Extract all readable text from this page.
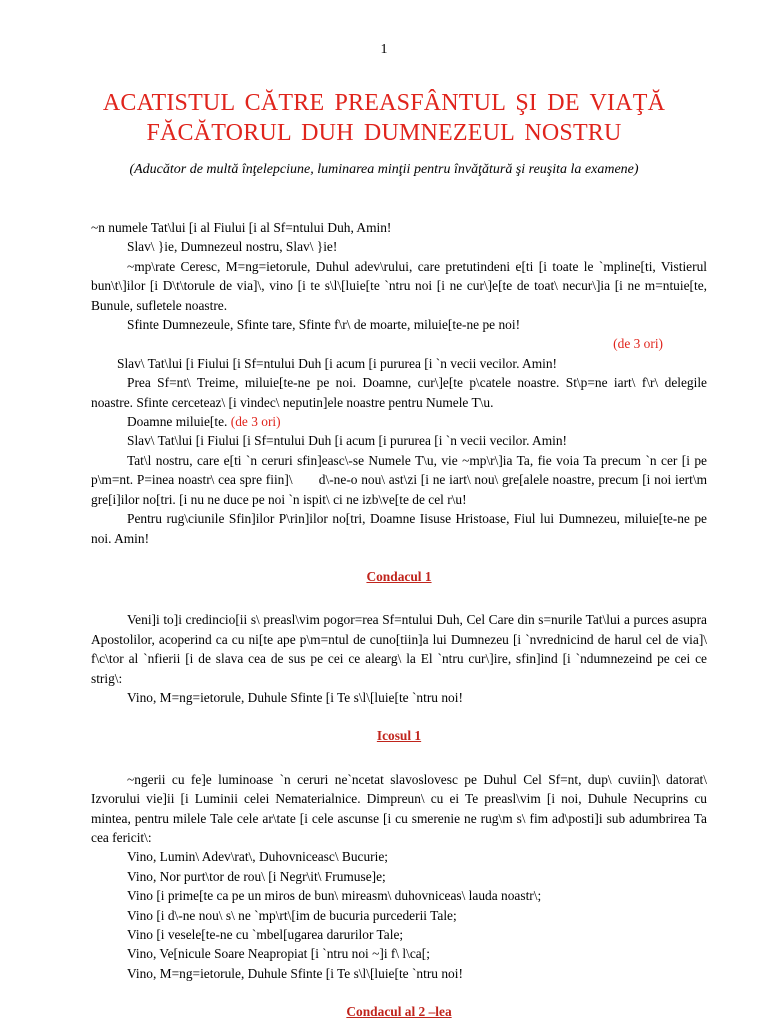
1
ACATISTUL CĂTRE PREASFÂNTUL ŞI DE VIAŢĂ FĂCĂTORUL DUH DUMNEZEUL NOSTRU
(Aducător de multă înţelepciune, luminarea minţii pentru învăţătură şi reuşita la examene)

~n numele Tat\lui [i al Fiului [i al Sf=ntului Duh, Amin!

Slav\ }ie, Dumnezeul nostru, Slav\ }ie!

~mp\rate Ceresc, M=ng=ietorule, Duhul adev\rului, care pretutindeni e[ti [i toate le `mpline[ti, Vistierul bun\t\]ilor [i D\t\torule de via]\, vino [i te s\l\[luie[te `ntru noi [i ne cur\]e[te de toat\ necur\]ia [i ne m=ntuie[te, Bunule, sufletele noastre.

Sfinte Dumnezeule, Sfinte tare, Sfinte f\r\ de moarte, miluie[te-ne pe noi!

(de 3 ori)

Slav\ Tat\lui [i Fiului [i Sf=ntului Duh [i acum [i pururea [i `n vecii vecilor. Amin!

Prea Sf=nt\ Treime, miluie[te-ne pe noi. Doamne, cur\]e[te p\catele noastre. St\p=ne iart\ f\r\ delegile noastre. Sfinte cerceteaz\ [i vindec\ neputin]ele noastre pentru Numele T\u.

Doamne miluie[te. (de 3 ori)

Slav\ Tat\lui [i Fiului [i Sf=ntului Duh [i acum [i pururea [i `n vecii vecilor. Amin!

Tat\l nostru, care e[ti `n ceruri sfin]easc\-se Numele T\u, vie ~mp\r\]ia Ta, fie voia Ta precum `n cer [i pe p\m=nt. P=inea noastr\ cea spre fiin]\       d\-ne-o nou\ ast\zi [i ne iart\ nou\ gre[alele noastre, precum [i noi iert\m gre[i]ilor no[tri. [i nu ne duce pe noi `n ispit\ ci ne izb\ve[te de cel r\u!

Pentru rug\ciunile Sfin]ilor P\rin]ilor no[tri, Doamne Iisuse Hristoase, Fiul lui Dumnezeu, miluie[te-ne pe noi. Amin!

Condacul 1

Veni]i to]i credincio[ii s\ preasl\vim pogor=rea Sf=ntului Duh, Cel Care din s=nurile Tat\lui a purces asupra Apostolilor, acoperind ca cu ni[te ape p\m=ntul de cuno[tiin]a lui Dumnezeu [i `nvrednicind de harul cel de via]\ f\c\tor al `nfierii [i de slava cea de sus pe cei ce alearg\ la El `ntru cur\]ire, sfin]ind [i `ndumnezeind pe cei ce strig\:

Vino, M=ng=ietorule, Duhule Sfinte [i Te s\l\[luie[te `ntru noi!

Icosul 1

~ngerii cu fe]e luminoase `n ceruri ne`ncetat slavoslovesc pe Duhul Cel Sf=nt, dup\ cuviin]\ datorat\ Izvorului vie]ii [i Luminii celei Nematerialnice. Dimpreun\ cu ei Te preasl\vim [i noi, Duhule Necuprins cu mintea, pentru milele Tale cele ar\tate [i cele ascunse [i cu smerenie ne rug\m s\ fim ad\posti]i sub adumbrirea Ta cea fericit\:

Vino, Lumin\ Adev\rat\, Duhovniceasc\ Bucurie;

Vino, Nor purt\tor de rou\ [i Negr\it\ Frumuse]e;

Vino [i prime[te ca pe un miros de bun\ mireasm\ duhovniceas\ lauda noastr\;

Vino [i d\-ne nou\ s\ ne `mp\rt\[im de bucuria purcederii Tale;

Vino [i vesele[te-ne cu `mbel[ugarea darurilor Tale;

Vino, Ve[nicule Soare Neapropiat [i `ntru noi ~]i f\ l\ca[;

Vino, M=ng=ietorule, Duhule Sfinte [i Te s\l\[luie[te `ntru noi!

Condacul al 2 –lea
